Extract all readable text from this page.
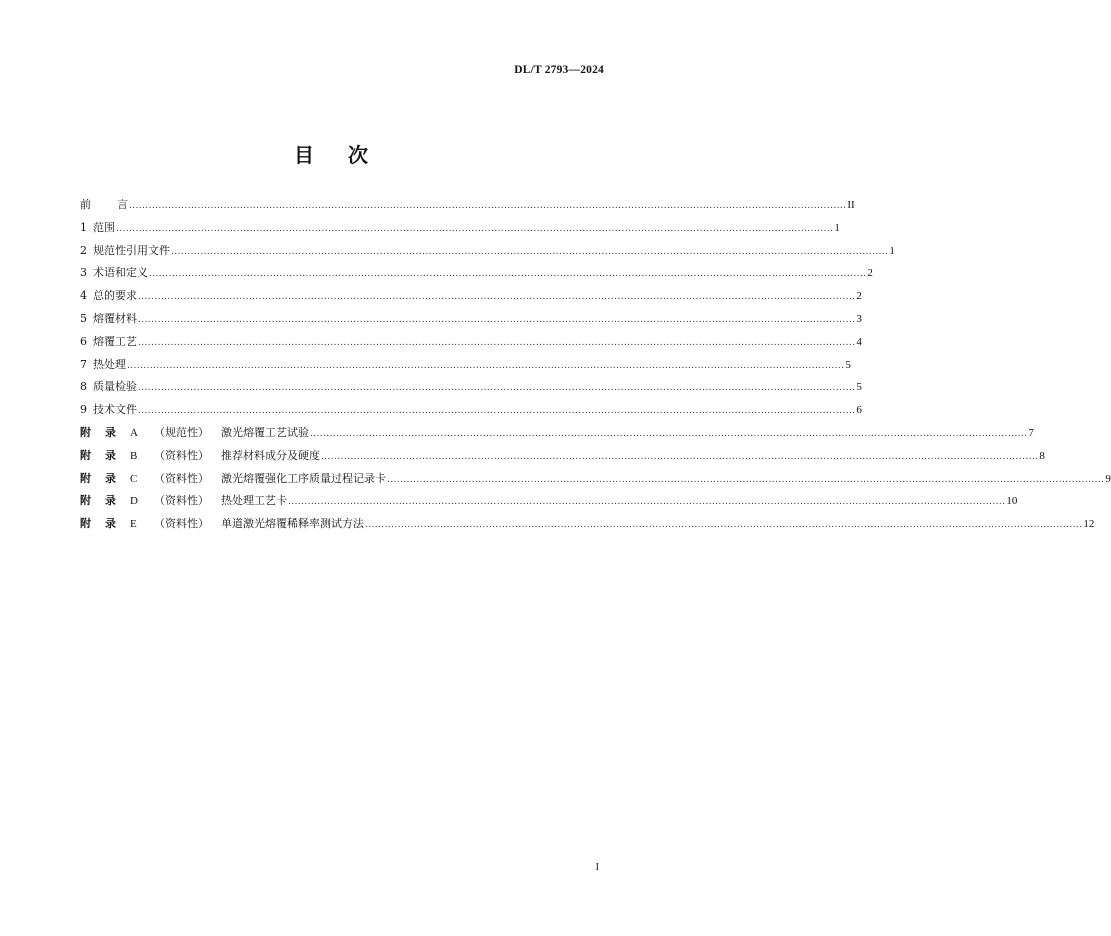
DL/T 2793—2024
目 次
前 言 ............................................................................................................................................................................................................................ II
1 范围 ............................................................................................................................................................................................................................ 1
2 规范性引用文件 ............................................................................................................................................................................................................................ 1
3 术语和定义 ............................................................................................................................................................................................................................ 2
4 总的要求 ............................................................................................................................................................................................................................ 2
5 熔覆材料 ............................................................................................................................................................................................................................ 3
6 熔覆工艺 ............................................................................................................................................................................................................................ 4
7 热处理 ............................................................................................................................................................................................................................ 5
8 质量检验 ............................................................................................................................................................................................................................ 5
9 技术文件 ............................................................................................................................................................................................................................ 6
附 录 A （规范性） 激光熔覆工艺试验 ............................................................................................................................................................................................................................ 7
附 录 B （资料性） 推荐材料成分及硬度 ............................................................................................................................................................................................................................ 8
附 录 C （资料性） 激光熔覆强化工序质量过程记录卡 ............................................................................................................................................................................................................................ 9
附 录 D （资料性） 热处理工艺卡 ............................................................................................................................................................................................................................ 10
附 录 E （资料性） 单道激光熔覆稀释率测试方法 ............................................................................................................................................................................................................................ 12
I
